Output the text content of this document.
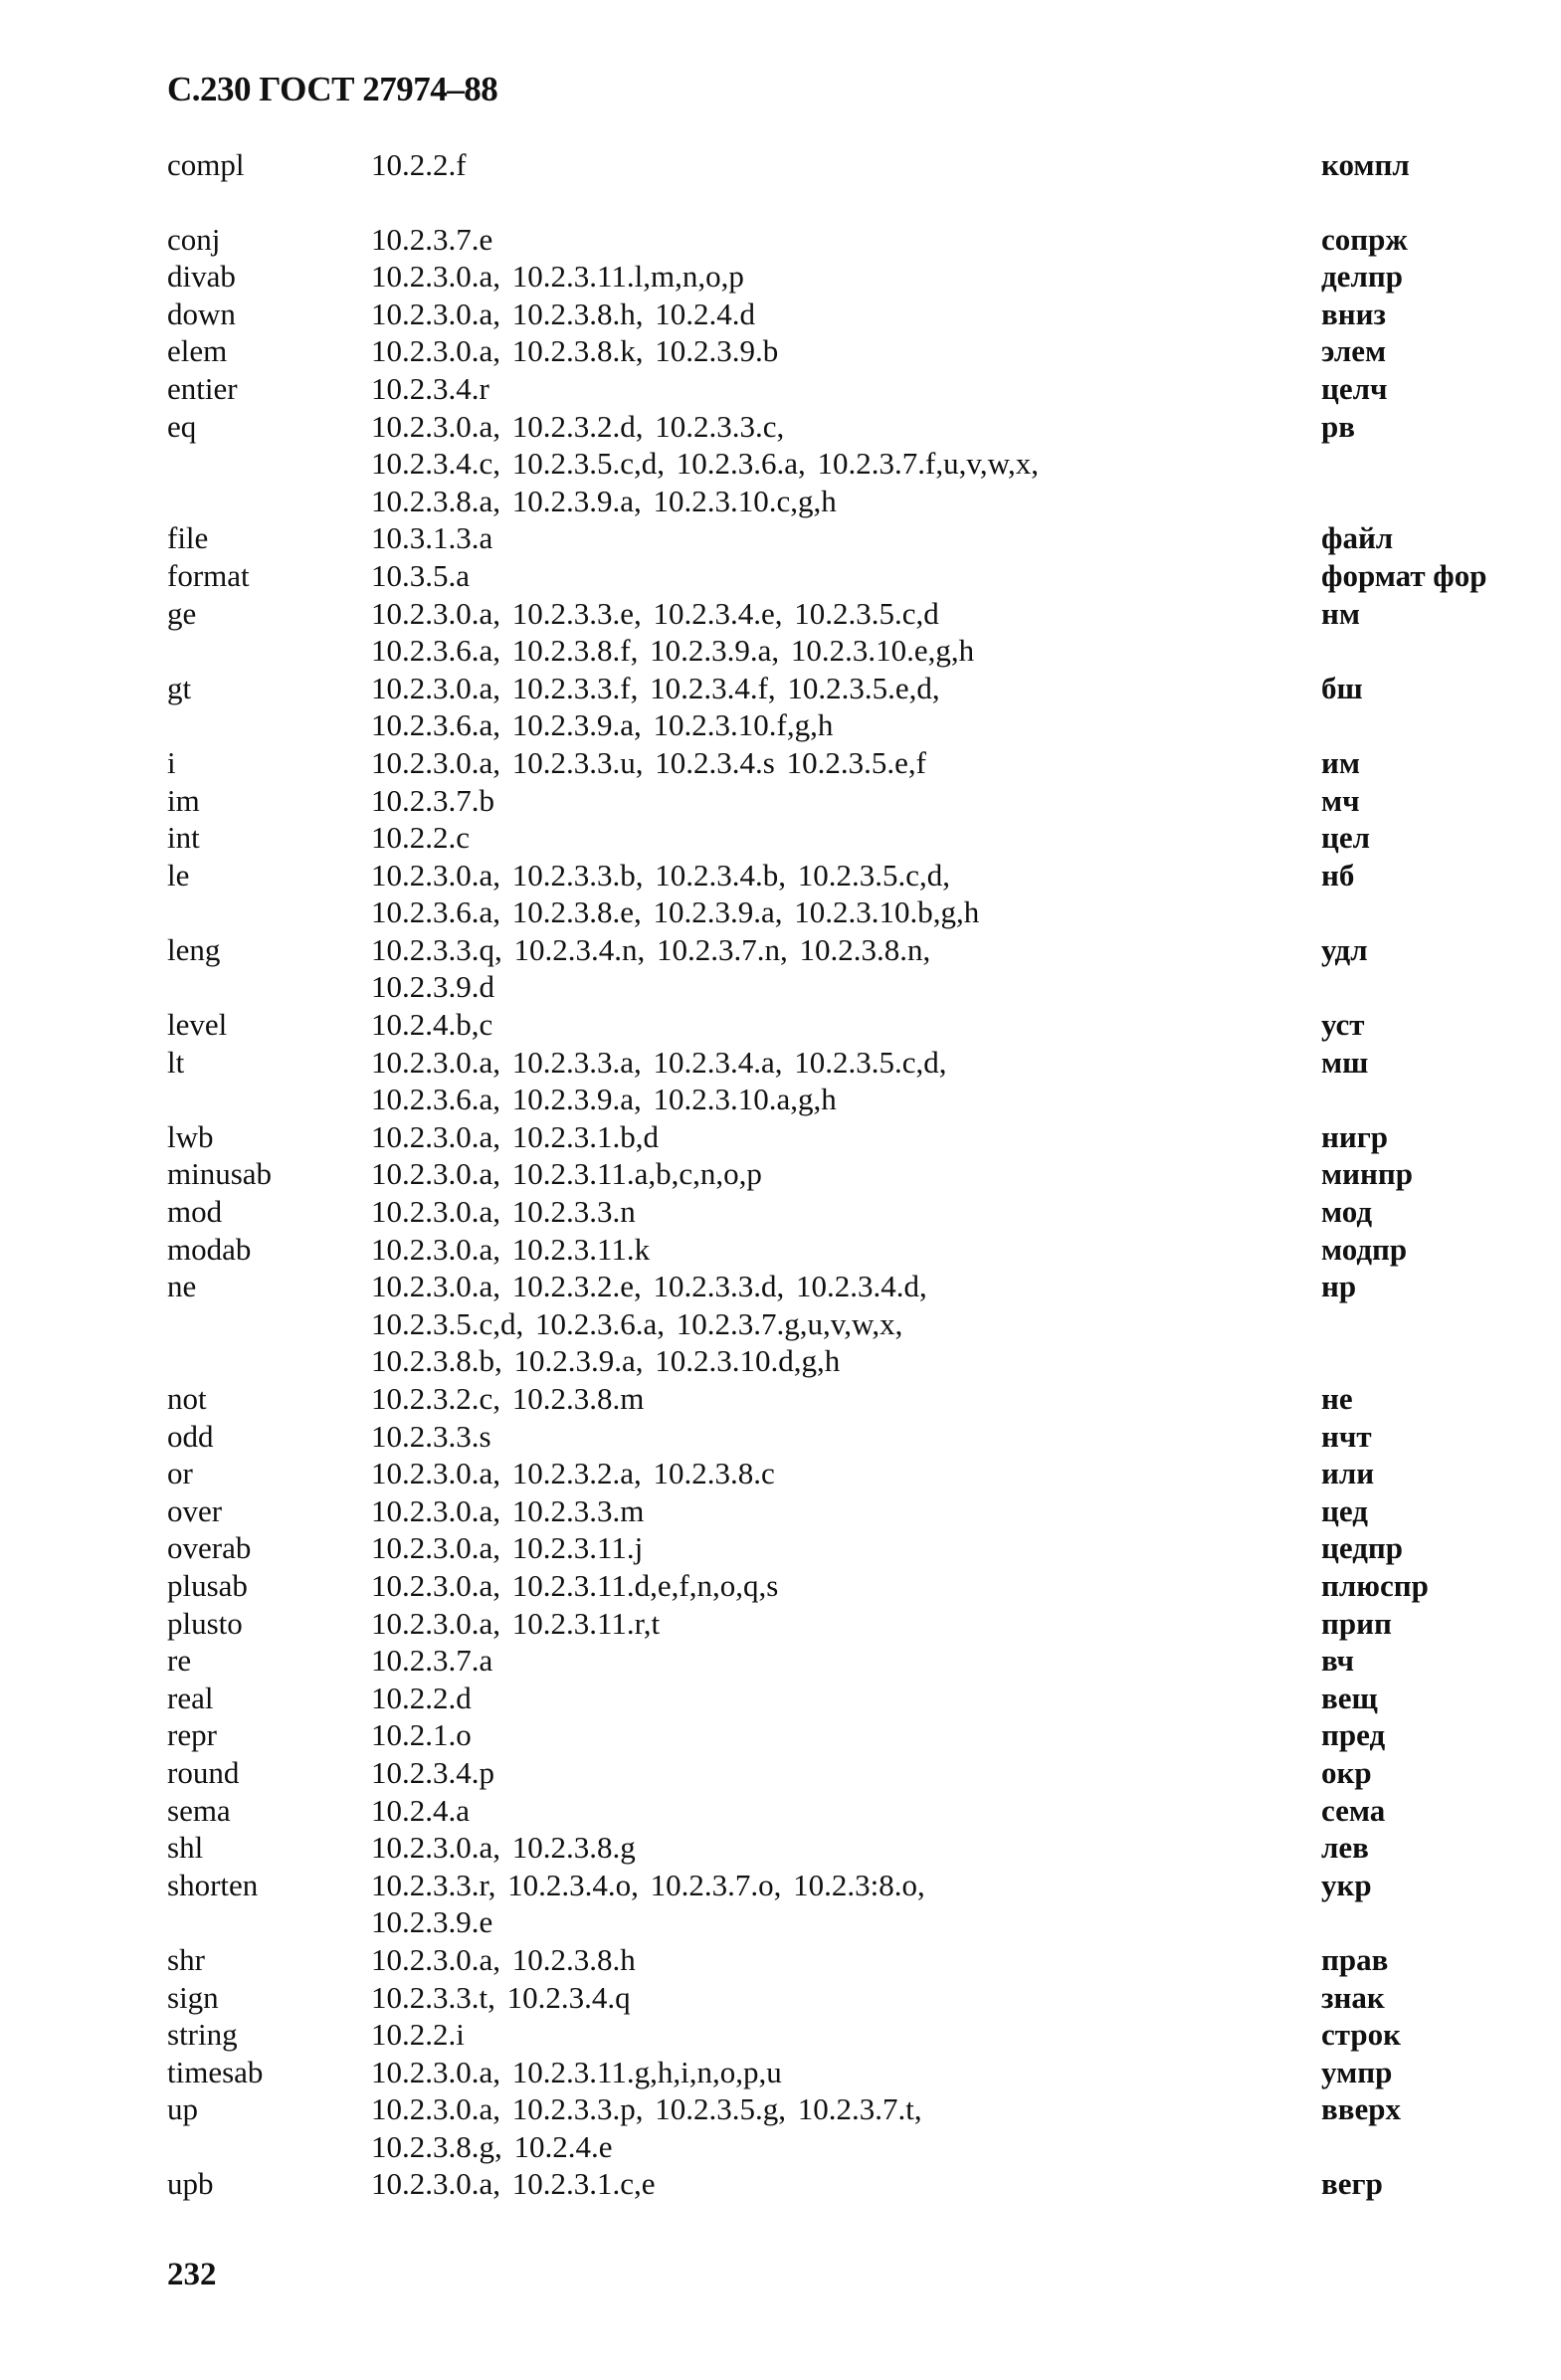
С.230 ГОСТ 27974–88
compl	10.2.2.f	компл
conj	10.2.3.7.e	сопрж
divab	10.2.3.0.a, 10.2.3.11.l,m,n,o,p	делпр
down	10.2.3.0.a, 10.2.3.8.h, 10.2.4.d	вниз
elem	10.2.3.0.a, 10.2.3.8.k, 10.2.3.9.b	элем
entier	10.2.3.4.r	целч
eq	10.2.3.0.a, 10.2.3.2.d, 10.2.3.3.c,	рв
10.2.3.4.c, 10.2.3.5.c,d, 10.2.3.6.a, 10.2.3.7.f,u,v,w,x,
10.2.3.8.a, 10.2.3.9.a, 10.2.3.10.c,g,h
file	10.3.1.3.a	файл
format	10.3.5.a	формат фор
ge	10.2.3.0.a, 10.2.3.3.e, 10.2.3.4.e, 10.2.3.5.c,d	нм
10.2.3.6.a, 10.2.3.8.f, 10.2.3.9.a, 10.2.3.10.e,g,h
gt	10.2.3.0.a, 10.2.3.3.f, 10.2.3.4.f, 10.2.3.5.e,d,	бш
10.2.3.6.a, 10.2.3.9.a, 10.2.3.10.f,g,h
i	10.2.3.0.a, 10.2.3.3.u, 10.2.3.4.s 10.2.3.5.e,f	им
im	10.2.3.7.b	мч
int	10.2.2.c	цел
le	10.2.3.0.a, 10.2.3.3.b, 10.2.3.4.b, 10.2.3.5.c,d,	нб
10.2.3.6.a, 10.2.3.8.e, 10.2.3.9.a, 10.2.3.10.b,g,h
leng	10.2.3.3.q, 10.2.3.4.n, 10.2.3.7.n, 10.2.3.8.n,	удл
10.2.3.9.d
level	10.2.4.b,c	уст
lt	10.2.3.0.a, 10.2.3.3.a, 10.2.3.4.a, 10.2.3.5.c,d,	мш
10.2.3.6.a, 10.2.3.9.a, 10.2.3.10.a,g,h
lwb	10.2.3.0.a, 10.2.3.1.b,d	нигр
minusab	10.2.3.0.a, 10.2.3.11.a,b,c,n,o,p	минпр
mod	10.2.3.0.a, 10.2.3.3.n	мод
modab	10.2.3.0.a, 10.2.3.11.k	модпр
ne	10.2.3.0.a, 10.2.3.2.e, 10.2.3.3.d, 10.2.3.4.d,	нр
10.2.3.5.c,d, 10.2.3.6.a, 10.2.3.7.g,u,v,w,x,
10.2.3.8.b, 10.2.3.9.a, 10.2.3.10.d,g,h
not	10.2.3.2.c, 10.2.3.8.m	не
odd	10.2.3.3.s	нчт
or	10.2.3.0.a, 10.2.3.2.a, 10.2.3.8.c	или
over	10.2.3.0.a, 10.2.3.3.m	цед
overab	10.2.3.0.a, 10.2.3.11.j	цедпр
plusab	10.2.3.0.a, 10.2.3.11.d,e,f,n,o,q,s	плюспр
plusto	10.2.3.0.a, 10.2.3.11.r,t	прип
re	10.2.3.7.a	вч
real	10.2.2.d	вещ
repr	10.2.1.o	пред
round	10.2.3.4.p	окр
sema	10.2.4.a	сема
shl	10.2.3.0.a, 10.2.3.8.g	лев
shorten	10.2.3.3.r, 10.2.3.4.o, 10.2.3.7.o, 10.2.3:8.o,	укр
10.2.3.9.e
shr	10.2.3.0.a, 10.2.3.8.h	прав
sign	10.2.3.3.t, 10.2.3.4.q	знак
string	10.2.2.i	строк
timesab	10.2.3.0.a, 10.2.3.11.g,h,i,n,o,p,u	умпр
up	10.2.3.0.a, 10.2.3.3.p, 10.2.3.5.g, 10.2.3.7.t,	вверх
10.2.3.8.g, 10.2.4.e
upb	10.2.3.0.a, 10.2.3.1.c,e	вегр
232
